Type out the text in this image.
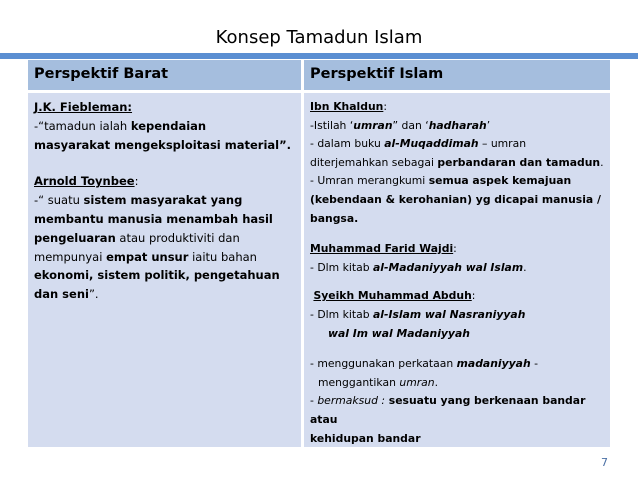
Konsep Tamadun Islam
Perspektif Barat	Perspektif Islam
J.K. Fiebleman:
-“tamadun ialah kependaian
masyarakat mengeksploitasi material”.
Arnold Toynbee:
-“ suatu sistem masyarakat yang
membantu manusia menambah hasil
pengeluaran atau produktiviti dan
mempunyai empat unsur iaitu bahan
ekonomi, sistem politik, pengetahuan
dan seni”.
Ibn Khaldun:
-Istilah ‘umran” dan ‘hadharah’
- dalam buku al-Muqaddimah – umran
diterjemahkan sebagai perbandaran dan tamadun.
- Umran merangkumi semua aspek kemajuan
(kebendaan & kerohanian) yg dicapai manusia /
bangsa.
Muhammad Farid Wajdi:
- Dlm kitab al-Madaniyyah wal Islam.
Syeikh Muhammad Abduh:
- Dlm kitab al-Islam wal Nasraniyyah
wal Im wal Madaniyyah
- menggunakan perkataan madaniyyah -
menggantikan umran.
- bermaksud : sesuatu yang berkenaan bandar atau
kehidupan bandar
7
